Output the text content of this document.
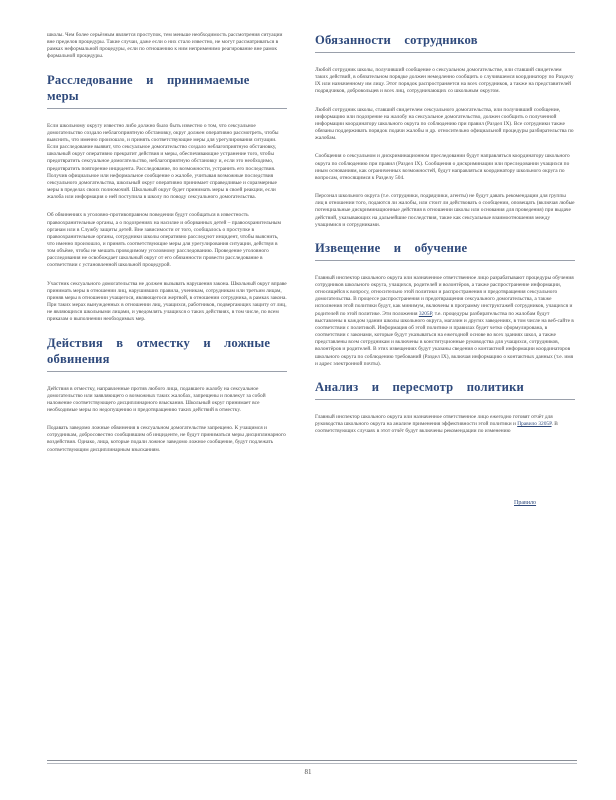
школы. Чем более серьёзным является проступок, тем меньше необходимость рассмотрения ситуации вне пределов процедуры. Такие случаи, даже если о них стало известно, не могут рассматриваться в рамках неформальной процедуры, если по отношению к ним неприменимо реагирование вне рамок формальной процедуры.

Расследование и принимаемые меры

Если школьному округу известно либо должно было быть известно о том, что сексуальное домогательство создало неблагоприятную обстановку, округ должен оперативно рассмотреть, чтобы выяснить, что именно произошло, и принять соответствующие меры для урегулирования ситуации. Если расследование выявит, что сексуальное домогательство создало неблагоприятную обстановку, школьный округ оперативно прекратит действия и меры, обеспечивающие устранение того, чтобы предотвратить сексуальное домогательство, неблагоприятную обстановку и, если это необходимо, предотвратить повторение инцидента. Расследование, по возможности, устранить его последствия. Получив официальное или неформальное сообщение о жалобе, учитывая возможные последствия сексуального домогательства, школьный округ оперативно принимает справедливые и соразмерные меры в пределах своих полномочий. Школьный округ будет принимать меры в своей реакции, если жалоба или информация о ней поступила в школу по поводу сексуального домогательства.

Об обвинениях в уголовно-противоправном поведении будут сообщаться в известность правоохранительные органы, а о подозрениях на насилие и оборванных детей – правоохранительным органам или в Службу защиты детей. Вне зависимости от того, сообщалось о проступке в правоохранительные органы, сотрудники школы оперативно расследуют инцидент, чтобы выяснить, что именно произошло, и принять соответствующие меры для урегулирования ситуации, действуя в том объёме, чтобы не мешать проводимому уголовному расследованию. Проведение уголовного расследования не освобождает школьный округ от его обязанности провести расследование в соответствии с установленной школьной процедурой.

Участник сексуального домогательства не должен вызывать нарушения закона. Школьный округ вправе принимать меры в отношении лиц, нарушивших правила, ученикам, сотрудникам или третьим лицам, приняв меры в отношении учащегося, являющегося жертвой, в отношении сотрудника, в рамках закона. При таких мерах вынужденных в отношении лиц, учащихся, работников, подвергающих защиту от лиц, не являющихся школьными лицами, и уведомлять учащихся о таких действиях, в том числе, по всем приказам о выполнении необходимых мер.

Действия в отместку и ложные обвинения

Действия в отместку, направленные против любого лица, подавшего жалобу на сексуальное домогательство или заявляющего о возможных таких жалобах, запрещены и повлекут за собой наложение соответствующего дисциплинарного взыскания. Школьный округ принимает все необходимые меры по недопущению и предотвращению таких действий в отместку.

Подавать заведомо ложные обвинения в сексуальном домогательстве запрещено. К учащимся и сотрудникам, добросовестно сообщившим об инциденте, не будут приниматься меры дисциплинарного воздействия. Однако, лица, которые подали ложное заведомо ложное сообщение, будут подлежать соответствующим дисциплинарным взысканиям.

Обязанности сотрудников

Любой сотрудник школы, получивший сообщение о сексуальном домогательстве, или ставший свидетелем таких действий, в обязательном порядке должен немедленно сообщить о случившемся координатору по Разделу IX или назначенному им лицу. Этот порядок распространяется на всех сотрудников, а также на представителей подрядчиков, добровольцев и всех лиц, сотрудничающих со школьным округом.

Любой сотрудник школы, ставший свидетелем сексуального домогательства, или получивший сообщение, информацию или подозрение на жалобу на сексуальное домогательство, должен сообщить о полученной информации координатору школьного округа по соблюдению при правил (Раздел IX). Все сотрудники также обязаны поддерживать порядок подачи жалобы и др. относительно официальной процедуры разбирательства по жалобам.

Сообщения о сексуальном и дискриминационном преследовании будут направляться координатору школьного округа по соблюдению при правил (Раздел IX). Сообщения о дискриминации или преследовании учащихся по иным основаниям, как ограниченных возможностей, будут направляться координатору школьного округа по вопросам, относящимся к Разделу 504.

Персонал школьного округа (т.е. сотрудники, подрядчики, агенты) не будут давать рекомендации для группы лиц в отношении того, подаются ли жалобы, или стоит ли действовать о сообщении, оповещать (включая любые потенциальные дискриминационные действия в отношении школы или основания для проведения) при выдаче действий, указывающих на дальнейшие последствия, такие как сексуальные взаимоотношения между учащимися и сотрудниками.

Извещение и обучение

Главный инспектор школьного округа или назначенное ответственное лицо разрабатывают процедуры обучения сотрудников школьного округа, учащихся, родителей и волонтёров, а также распространение информации, относящейся к вопросу, относительно этой политики и распространения и предотвращения сексуального домогательства. В процессе распространения и предотвращения сексуального домогательства, а также исполнения этой политики будут, как минимум, включены в программу инструктажей сотрудников, учащихся и родителей по этой политике. Эти положения 3205P, т.е. процедуры разбирательства по жалобам будут выставлены в каждом здании школы школьного округа, магазин и других заведениях, в том числе на веб-сайте в соответствии с политикой. Информация об этой политике и правилах будет четко сформулирована, в соответствии с законами, которые будут указываться на ежегодной основе во всех зданиях школ, а также представлены всем сотрудникам и включены в конституционные руководства для учащихся, сотрудников, волонтёров и родителей. В этих извещениях будут указаны сведения о контактной информации координаторов школьного округа по соблюдению требований (Раздел IX), включая информацию о контактных данных (т.е. имя и адрес электронной почты).

Анализ и пересмотр политики

Главный инспектор школьного округа или назначенное ответственное лицо ежегодно готовят отчёт для руководства школьного округа на анализе применения эффективности этой политики и Правило 3205P. В соответствующих случаях в этот отчёт будут включены рекомендации по изменению

Правило
81
